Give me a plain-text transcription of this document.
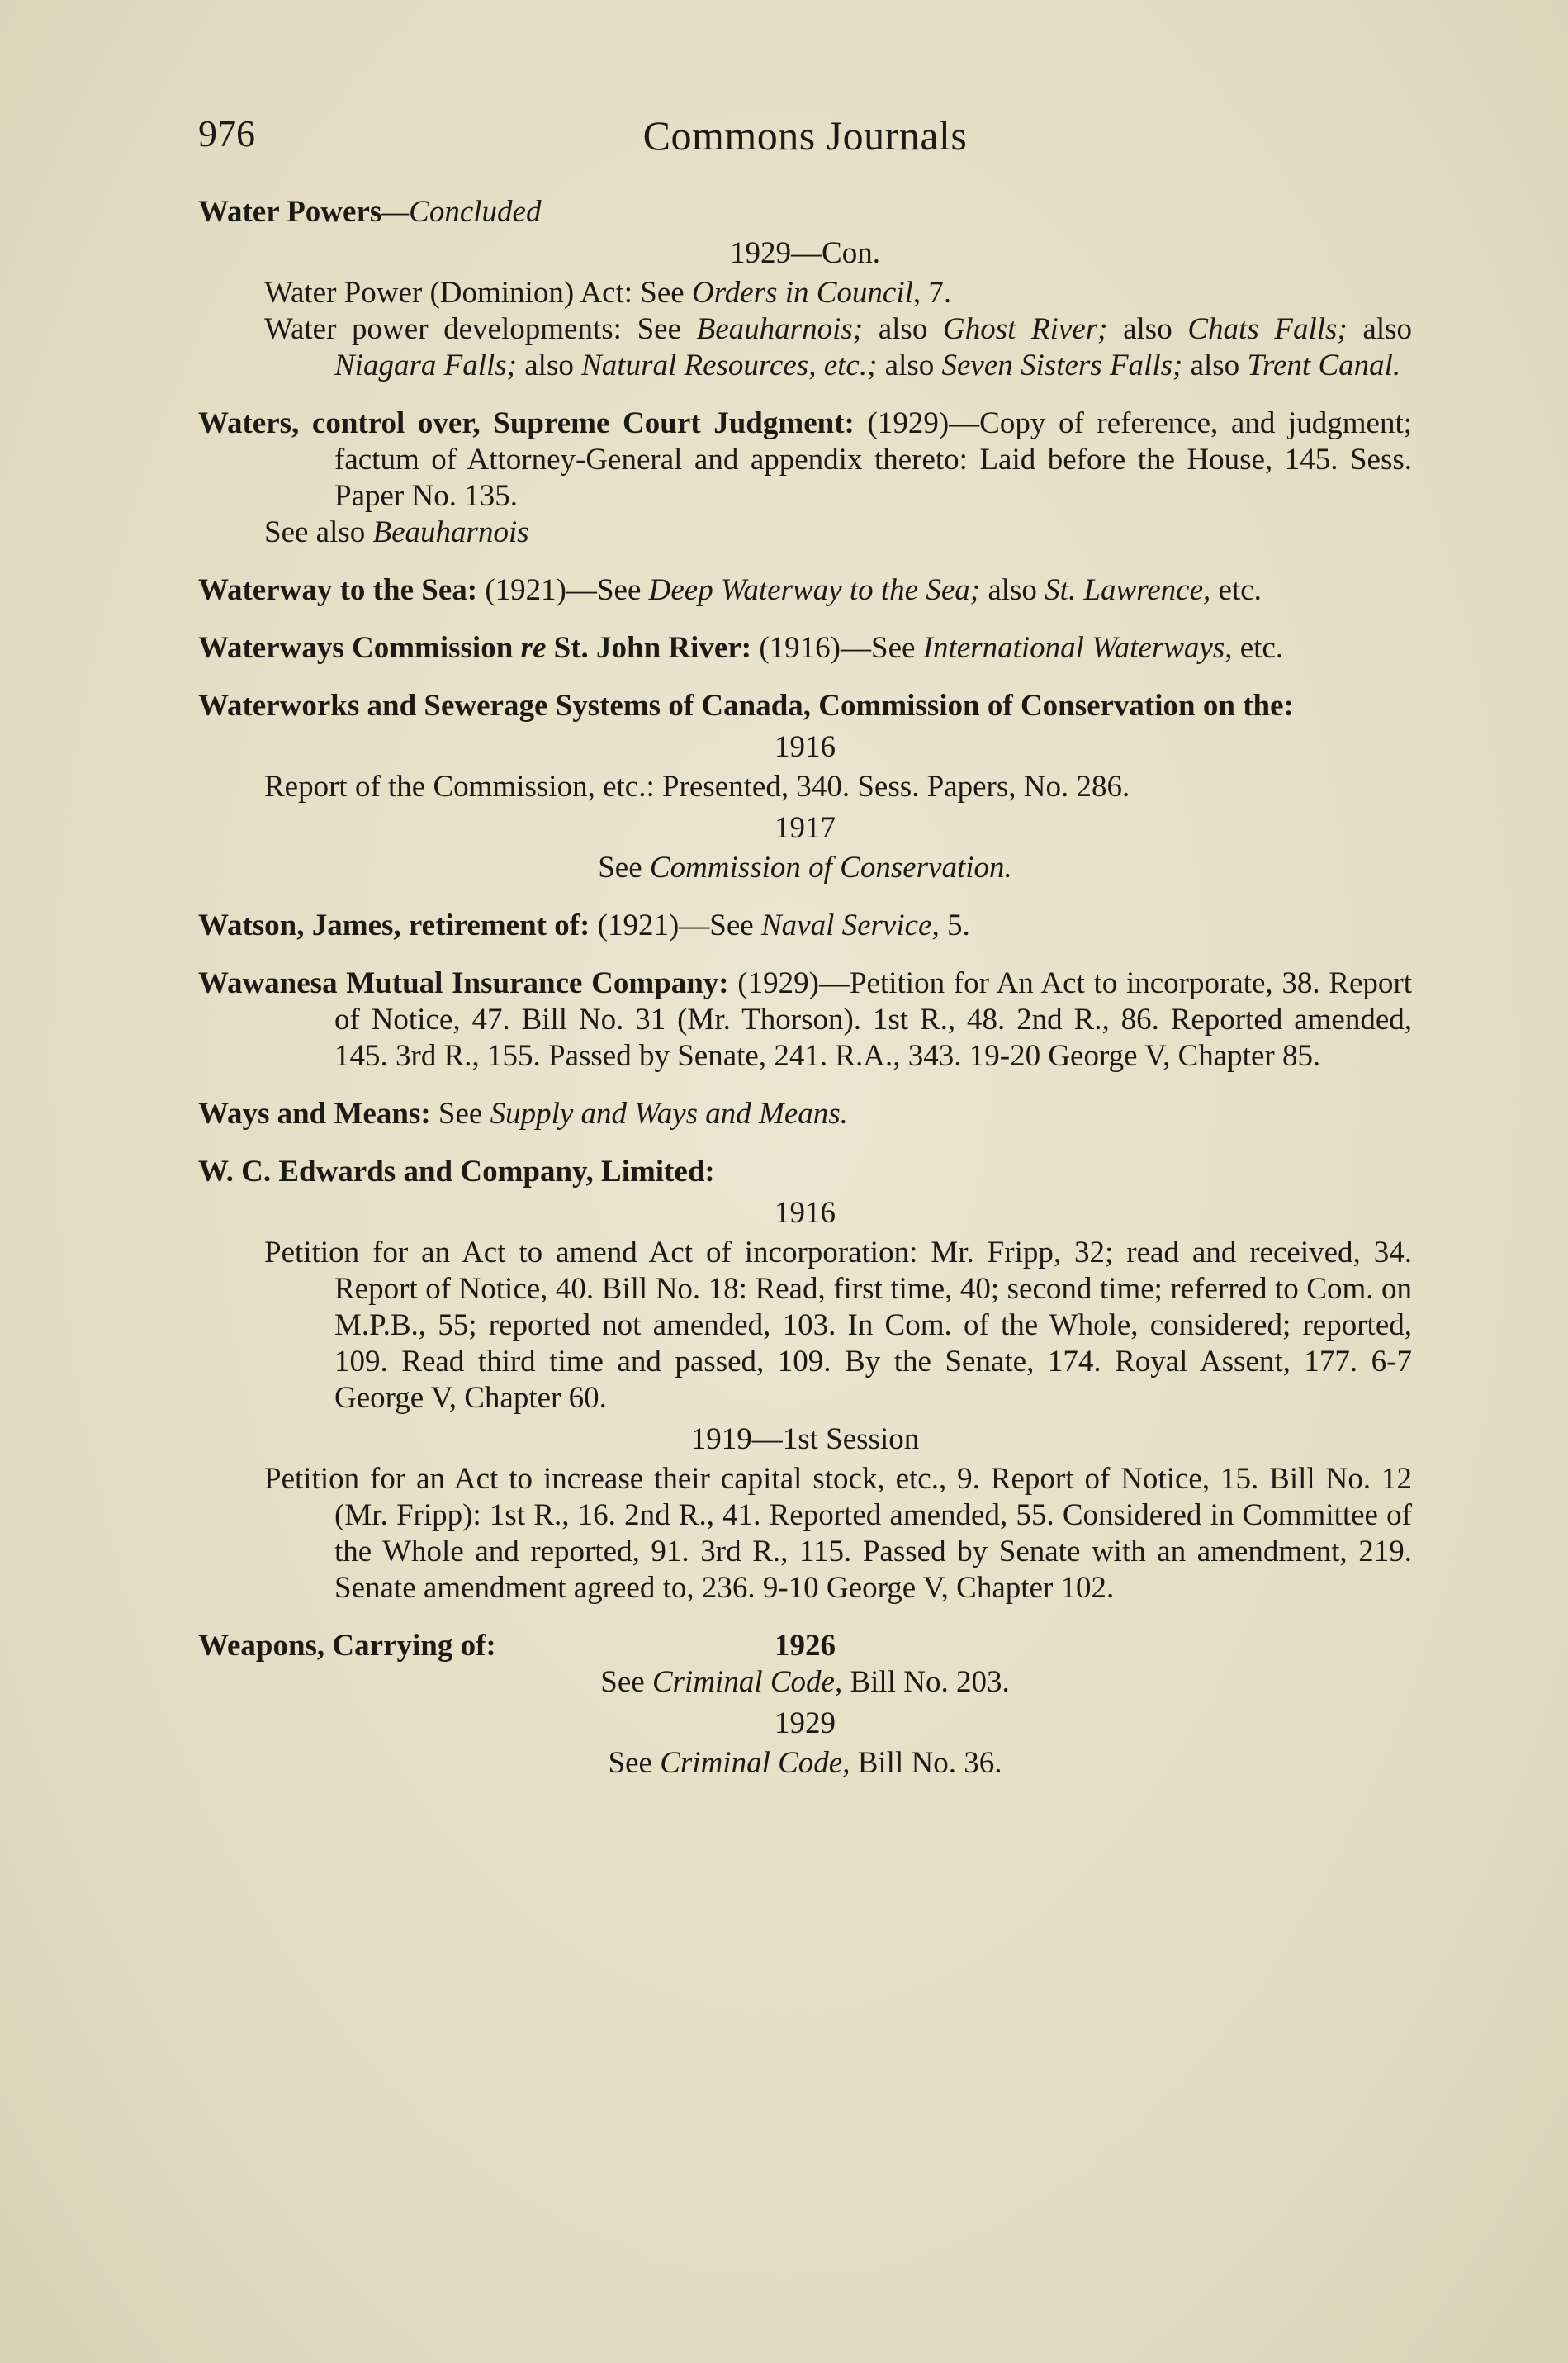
976	Commons Journals
Water Powers—Concluded
1929—Con.
Water Power (Dominion) Act: See Orders in Council, 7.
Water power developments: See Beauharnois; also Ghost River; also Chats Falls; also Niagara Falls; also Natural Resources, etc.; also Seven Sisters Falls; also Trent Canal.
Waters, control over, Supreme Court Judgment: (1929)—Copy of reference, and judgment; factum of Attorney-General and appendix thereto: Laid before the House, 145. Sess. Paper No. 135.
See also Beauharnois
Waterway to the Sea: (1921)—See Deep Waterway to the Sea; also St. Lawrence, etc.
Waterways Commission re St. John River: (1916)—See International Waterways, etc.
Waterworks and Sewerage Systems of Canada, Commission of Conservation on the:
1916
Report of the Commission, etc.: Presented, 340. Sess. Papers, No. 286.
1917
See Commission of Conservation.
Watson, James, retirement of: (1921)—See Naval Service, 5.
Wawanesa Mutual Insurance Company: (1929)—Petition for An Act to incorporate, 38. Report of Notice, 47. Bill No. 31 (Mr. Thorson). 1st R., 48. 2nd R., 86. Reported amended, 145. 3rd R., 155. Passed by Senate, 241. R.A., 343. 19-20 George V, Chapter 85.
Ways and Means: See Supply and Ways and Means.
W. C. Edwards and Company, Limited:
1916
Petition for an Act to amend Act of incorporation: Mr. Fripp, 32; read and received, 34. Report of Notice, 40. Bill No. 18: Read, first time, 40; second time; referred to Com. on M.P.B., 55; reported not amended, 103. In Com. of the Whole, considered; reported, 109. Read third time and passed, 109. By the Senate, 174. Royal Assent, 177. 6-7 George V, Chapter 60.
1919—1st Session
Petition for an Act to increase their capital stock, etc., 9. Report of Notice, 15. Bill No. 12 (Mr. Fripp): 1st R., 16. 2nd R., 41. Reported amended, 55. Considered in Committee of the Whole and reported, 91. 3rd R., 115. Passed by Senate with an amendment, 219. Senate amendment agreed to, 236. 9-10 George V, Chapter 102.
Weapons, Carrying of:	1926
See Criminal Code, Bill No. 203.
1929
See Criminal Code, Bill No. 36.
